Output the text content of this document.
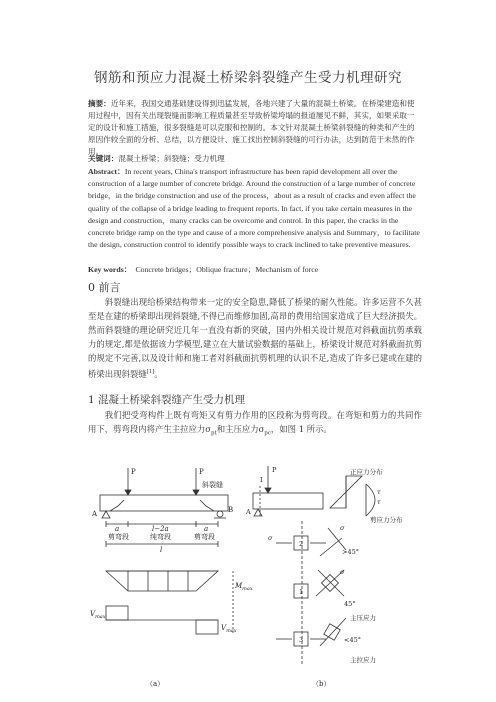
钢筋和预应力混凝土桥梁斜裂缝产生受力机理研究
摘要：近年来，我国交通基础建设得到迅猛发展，各地兴建了大量的混凝土桥梁。在桥梁建造和使用过程中，因有关出现裂缝而影响工程质量甚至导致桥梁垮塌的报道屡见不鲜，其实，如果采取一定的设计和施工措施，很多裂缝是可以克服和控制的。本文针对混凝土桥梁斜裂缝的种类和产生的原因作较全面的分析、总结，以方便设计、施工找出控制斜裂缝的可行办法，达到防范于未然的作用。
关键词：混凝土桥梁；斜裂缝；受力机理
Abstract：In recent years, China's transport infrastructure has been rapid development all over the construction of a large number of concrete bridge. Around the construction of a large number of concrete bridge，in the bridge construction and use of the process，about as a result of cracks and even affect the quality of the collapse of a bridge leading to frequent reports. In fact, if you take certain measures in the design and construction，many cracks can be overcome and control. In this paper, the cracks in the concrete bridge ramp on the type and cause of a more comprehensive analysis and Summary，to facilitate the design, construction control to identify possible ways to crack inclined to take preventive measures.
Key words： Concrete bridges；Oblique fracture；Mechanism of force
0 前言
斜裂缝出现给桥梁结构带来一定的安全隐患,降低了桥梁的耐久性能。许多运营不久甚至是在建的桥梁即出现斜裂缝,不得已而维修加固,高昂的费用给国家造成了巨大经济损失。然而斜裂缝的理论研究近几年一直没有新的突破，国内外相关设计规范对斜截面抗剪承载力的规定,都是依据该力学模型,建立在大量试验数据的基础上，桥梁设计规范对斜截面抗剪的规定不完善,以及设计师和施工者对斜截面抗剪机理的认识不足,造成了许多已建或在建的桥梁出现斜裂缝[1]。
1 混凝土桥梁斜裂缝产生受力机理
我们把受弯构件上既有弯矩又有剪力作用的区段称为剪弯段。在弯矩和剪力的共同作用下，剪弯段内将产生主拉应力$\sigma_{pt}$和主压应力$\sigma_{pc}$，如图 1 所示。
P	P
斜裂缝
A	B
a	l−2a	a
剪弯段	纯弯段	剪弯段
l
$M_{max}$
$V_{max}$
$V_{max}$
（a）
I
P
A
正应力分布
剪应力分布
τ
τ
2
1
3
σ
σ
σ
>45°
45°
主压应力
<45°
主拉应力
（b）
